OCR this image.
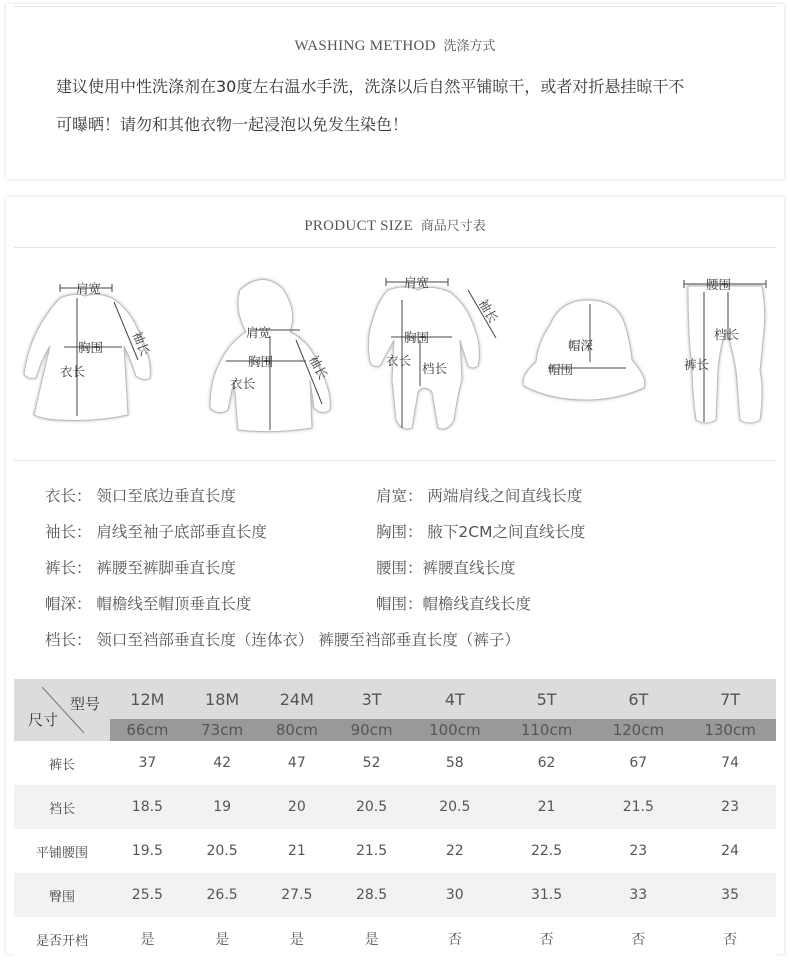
WASHING METHOD 洗涤方式
建议使用中性洗涤剂在30度左右温水手洗，洗涤以后自然平铺晾干，或者对折悬挂晾干不
可曝晒！请勿和其他衣物一起浸泡以免发生染色！
PRODUCT SIZE 商品尺寸表
肩宽
胸围 袖长
衣长
肩宽
胸围
衣长
袖长
肩宽
袖长
胸围
衣长
档长
帽深
帽围
腰围
档长
裤长
衣长： 领口至底边垂直长度	肩宽： 两端肩线之间直线长度
袖长： 肩线至袖子底部垂直长度	胸围： 腋下2CM之间直线长度
裤长： 裤腰至裤脚垂直长度	腰围：裤腰直线长度
帽深： 帽檐线至帽顶垂直长度	帽围：帽檐线直线长度
档长： 领口至裆部垂直长度（连体衣） 裤腰至裆部垂直长度（裤子）
型号
尺寸	12M	18M	24M	3T	4T	5T	6T	7T
	66cm	73cm	80cm	90cm	100cm	110cm	120cm	130cm
裤长	37	42	47	52	58	62	67	74
裆长	18.5	19	20	20.5	20.5	21	21.5	23
平铺腰围	19.5	20.5	21	21.5	22	22.5	23	24
臀围	25.5	26.5	27.5	28.5	30	31.5	33	35
是否开档	是	是	是	是	否	否	否	否
